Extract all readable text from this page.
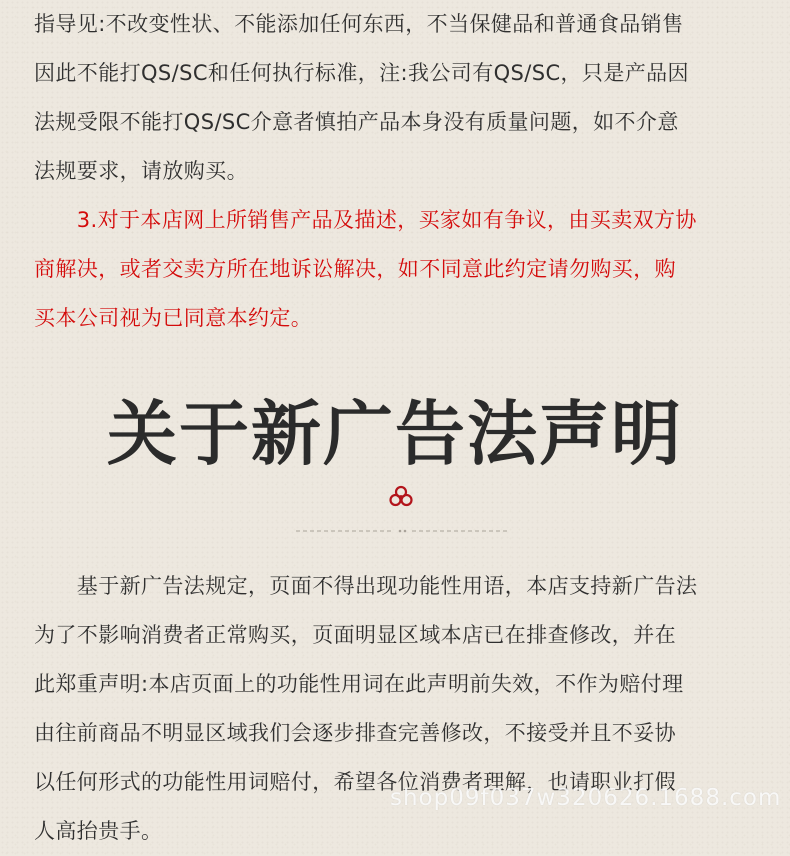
指导见:不改变性状、不能添加任何东西，不当保健品和普通食品销售
因此不能打QS/SC和任何执行标准，注:我公司有QS/SC，只是产品因
法规受限不能打QS/SC介意者慎拍产品本身没有质量问题，如不介意
法规要求，请放购买。
　　3.对于本店网上所销售产品及描述，买家如有争议，由买卖双方协
商解决，或者交卖方所在地诉讼解决，如不同意此约定请勿购买，购
买本公司视为已同意本约定。
关于新广告法声明
　　基于新广告法规定，页面不得出现功能性用语，本店支持新广告法
为了不影响消费者正常购买，页面明显区域本店已在排查修改，并在
此郑重声明:本店页面上的功能性用词在此声明前失效，不作为赔付理
由往前商品不明显区域我们会逐步排查完善修改，不接受并且不妥协
以任何形式的功能性用词赔付，希望各位消费者理解，也请职业打假
人高抬贵手。
shop09f037w320626.1688.com
